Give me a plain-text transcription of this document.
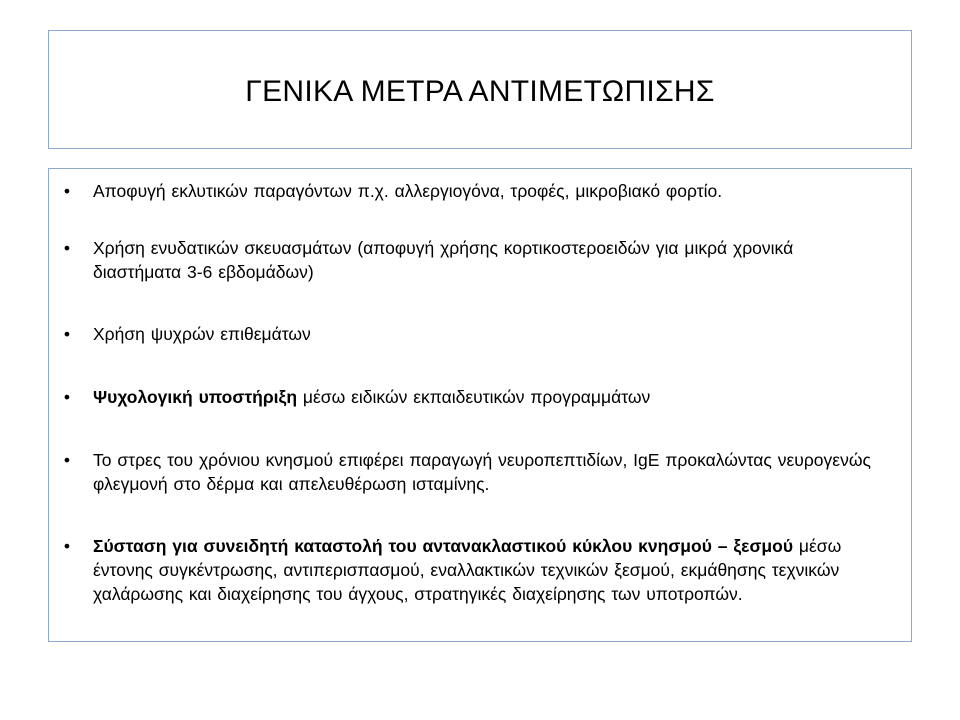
ΓΕΝΙΚΑ ΜΕΤΡΑ ΑΝΤΙΜΕΤΩΠΙΣΗΣ
• Αποφυγή εκλυτικών παραγόντων π.χ. αλλεργιογόνα, τροφές, μικροβιακό φορτίο.
• Χρήση ενυδατικών σκευασμάτων (αποφυγή χρήσης κορτικοστεροειδών για μικρά χρονικά διαστήματα 3-6 εβδομάδων)
• Χρήση ψυχρών επιθεμάτων
• Ψυχολογική υποστήριξη μέσω ειδικών εκπαιδευτικών προγραμμάτων
• Το στρες του χρόνιου κνησμού επιφέρει παραγωγή νευροπεπτιδίων, IgE προκαλώντας νευρογενώς φλεγμονή στο δέρμα και απελευθέρωση ισταμίνης.
• Σύσταση για συνειδητή καταστολή του αντανακλαστικού κύκλου κνησμού – ξεσμού μέσω έντονης συγκέντρωσης, αντιπερισπασμού, εναλλακτικών τεχνικών ξεσμού, εκμάθησης τεχνικών χαλάρωσης και διαχείρησης του άγχους, στρατηγικές διαχείρησης των υποτροπών.
